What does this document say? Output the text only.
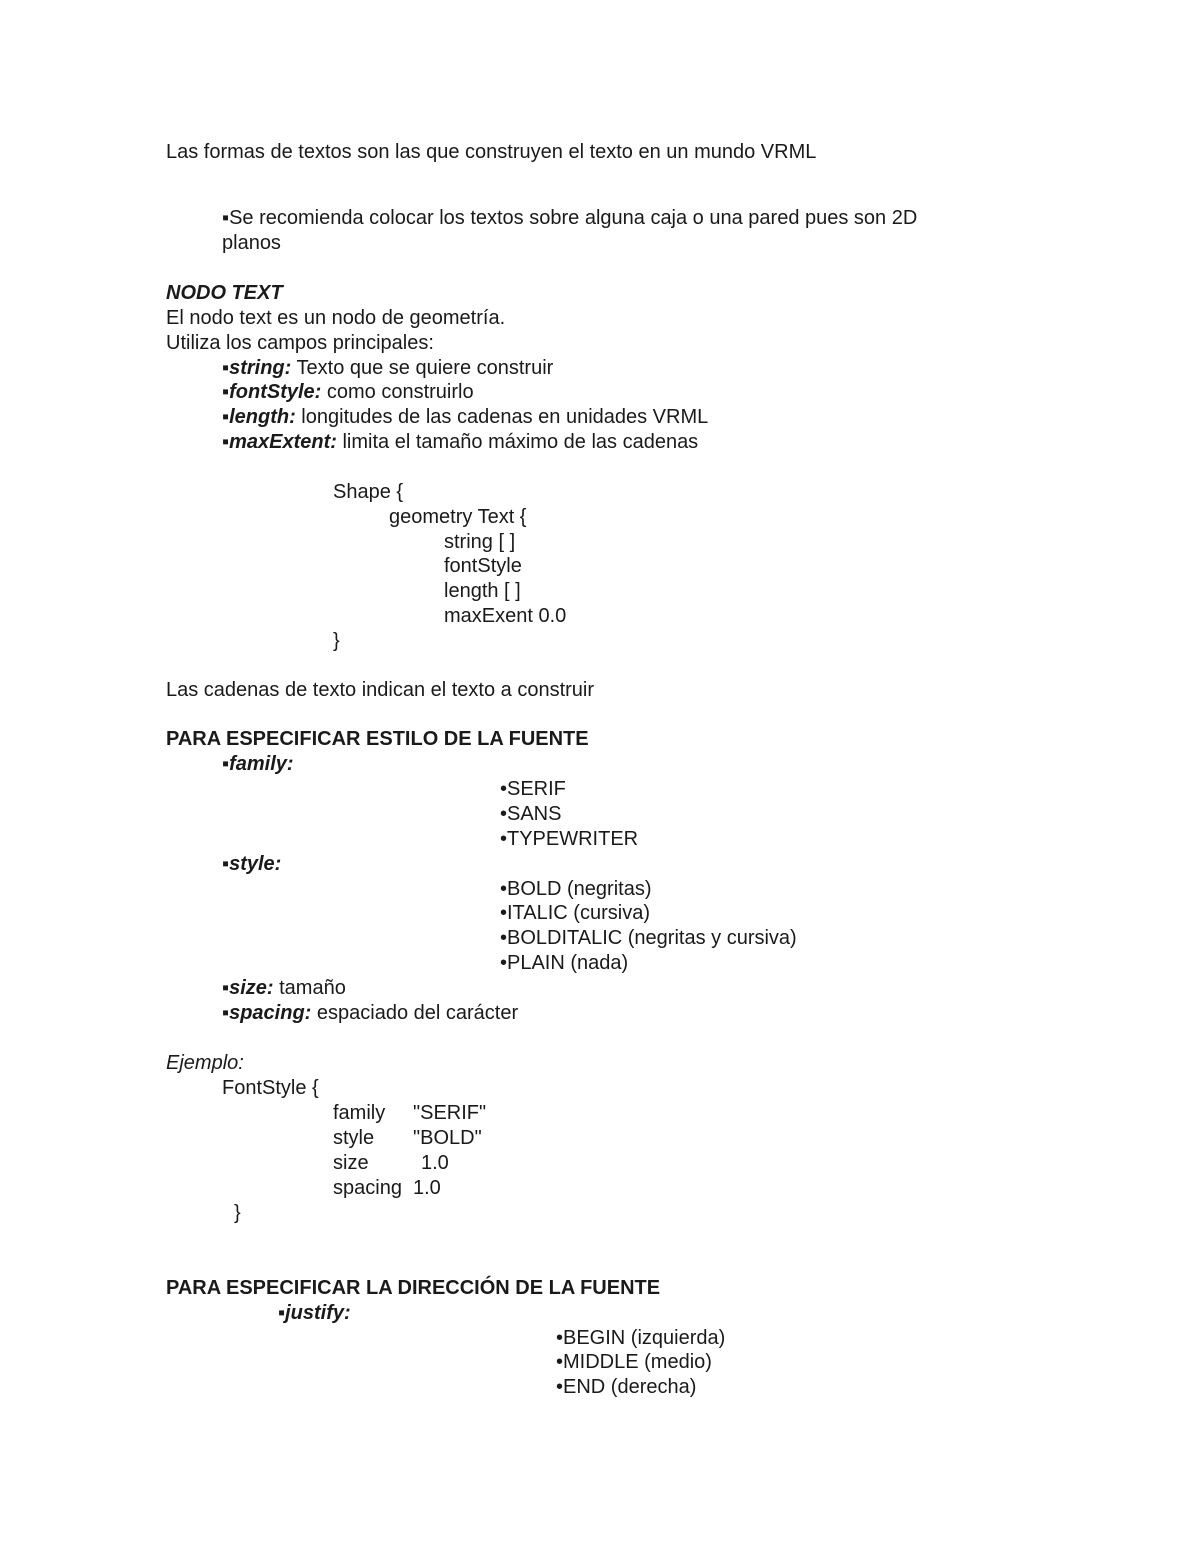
Las formas de textos son las que construyen el texto en un mundo VRML
▪Se recomienda colocar los textos sobre alguna caja o una pared pues son 2D
planos
NODO TEXT
El nodo text es un nodo de geometría.
Utiliza los campos principales:
▪string: Texto que se quiere construir
▪fontStyle: como construirlo
▪length: longitudes de las cadenas en unidades VRML
▪maxExtent: limita el tamaño máximo de las cadenas
Shape {
geometry Text {
string [ ]
fontStyle
length [ ]
maxExent 0.0
}
Las cadenas de texto indican el texto a construir
PARA ESPECIFICAR ESTILO DE LA FUENTE
▪family:
•SERIF
•SANS
•TYPEWRITER
▪style:
•BOLD (negritas)
•ITALIC (cursiva)
•BOLDITALIC (negritas y cursiva)
•PLAIN (nada)
▪size: tamaño
▪spacing: espaciado del carácter
Ejemplo:
FontStyle {
family "SERIF"
style "BOLD"
size	1.0
spacing 1.0
}
PARA ESPECIFICAR LA DIRECCIÓN DE LA FUENTE
▪justify:
•BEGIN (izquierda)
•MIDDLE (medio)
•END (derecha)
